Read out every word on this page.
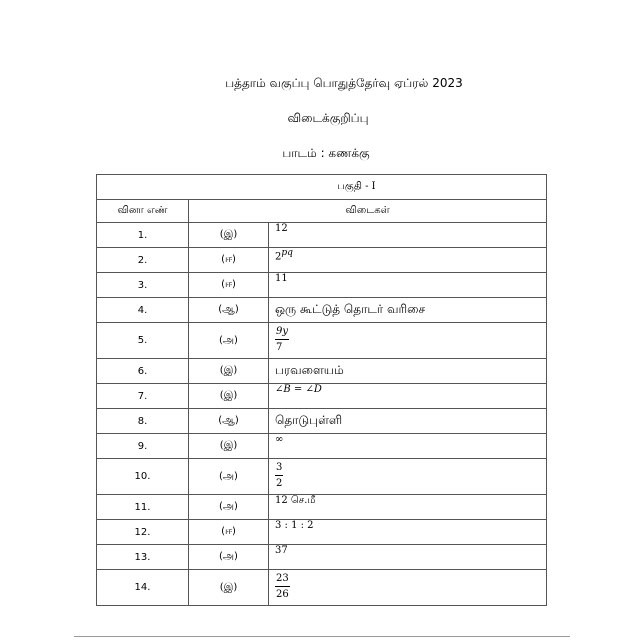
பத்தாம் வகுப்பு பொதுத்தேர்வு ஏப்ரல் 2023
விடைக்குறிப்பு
பாடம் : கணக்கு
பகுதி - I		
வினா எண்	விடைகள்	
1.	(இ)	12
2.	(ஈ)	$2^{pq}$
3.	(ஈ)	11
4.	(ஆ)	ஒரு கூட்டுத் தொடர் வரிசை
5.	(அ)	$\frac{9y}{7}$

6.	(இ)	பரவளையம்
7.	(இ)	∠B = ∠D
8.	(ஆ)	தொடுபுள்ளி
9.	(இ)	∞
10.	(அ)	$\frac{3}{2}$

11.	(அ)	12 செ.மீ
12.	(ஈ)	3 : 1 : 2
13.	(அ)	37
14.	(இ)	$\frac{23}{26}$
